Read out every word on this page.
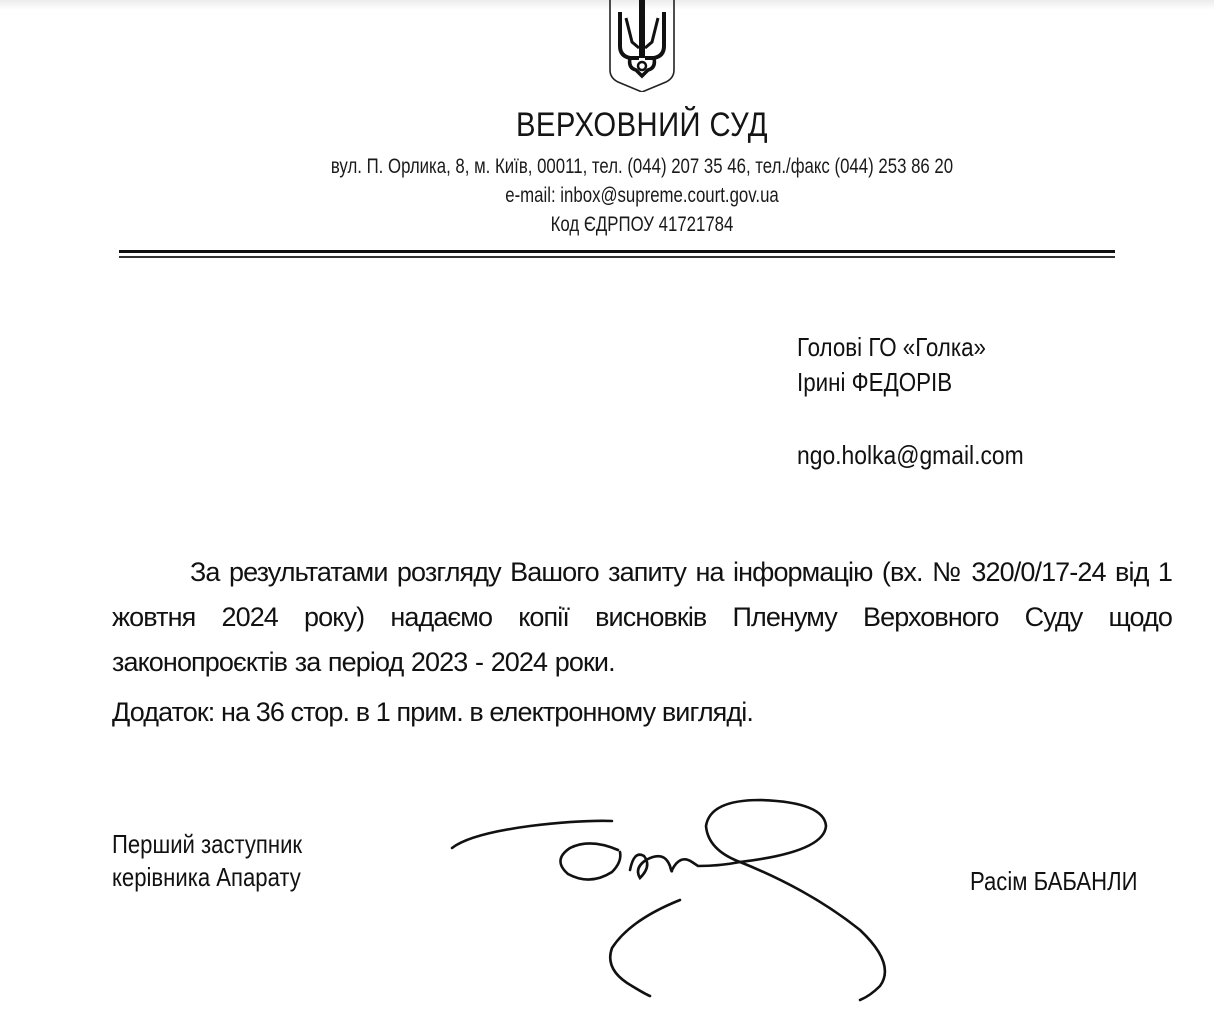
ВЕРХОВНИЙ СУД
вул. П. Орлика, 8, м. Київ, 00011, тел. (044) 207 35 46, тел./факс (044) 253 86 20
e-mail: inbox@supreme.court.gov.ua
Код ЄДРПОУ 41721784
Голові ГО «Голка»
Ірині ФЕДОРІВ
ngo.holka@gmail.com
За результатами розгляду Вашого запиту на інформацію (вх. № 320/0/17-24 від 1 жовтня 2024 року) надаємо копії висновків Пленуму Верховного Суду щодо законопроєктів за період 2023 - 2024 роки.
Додаток: на 36 стор. в 1 прим. в електронному вигляді.
Перший заступник
керівника Апарату	Расім БАБАНЛИ
